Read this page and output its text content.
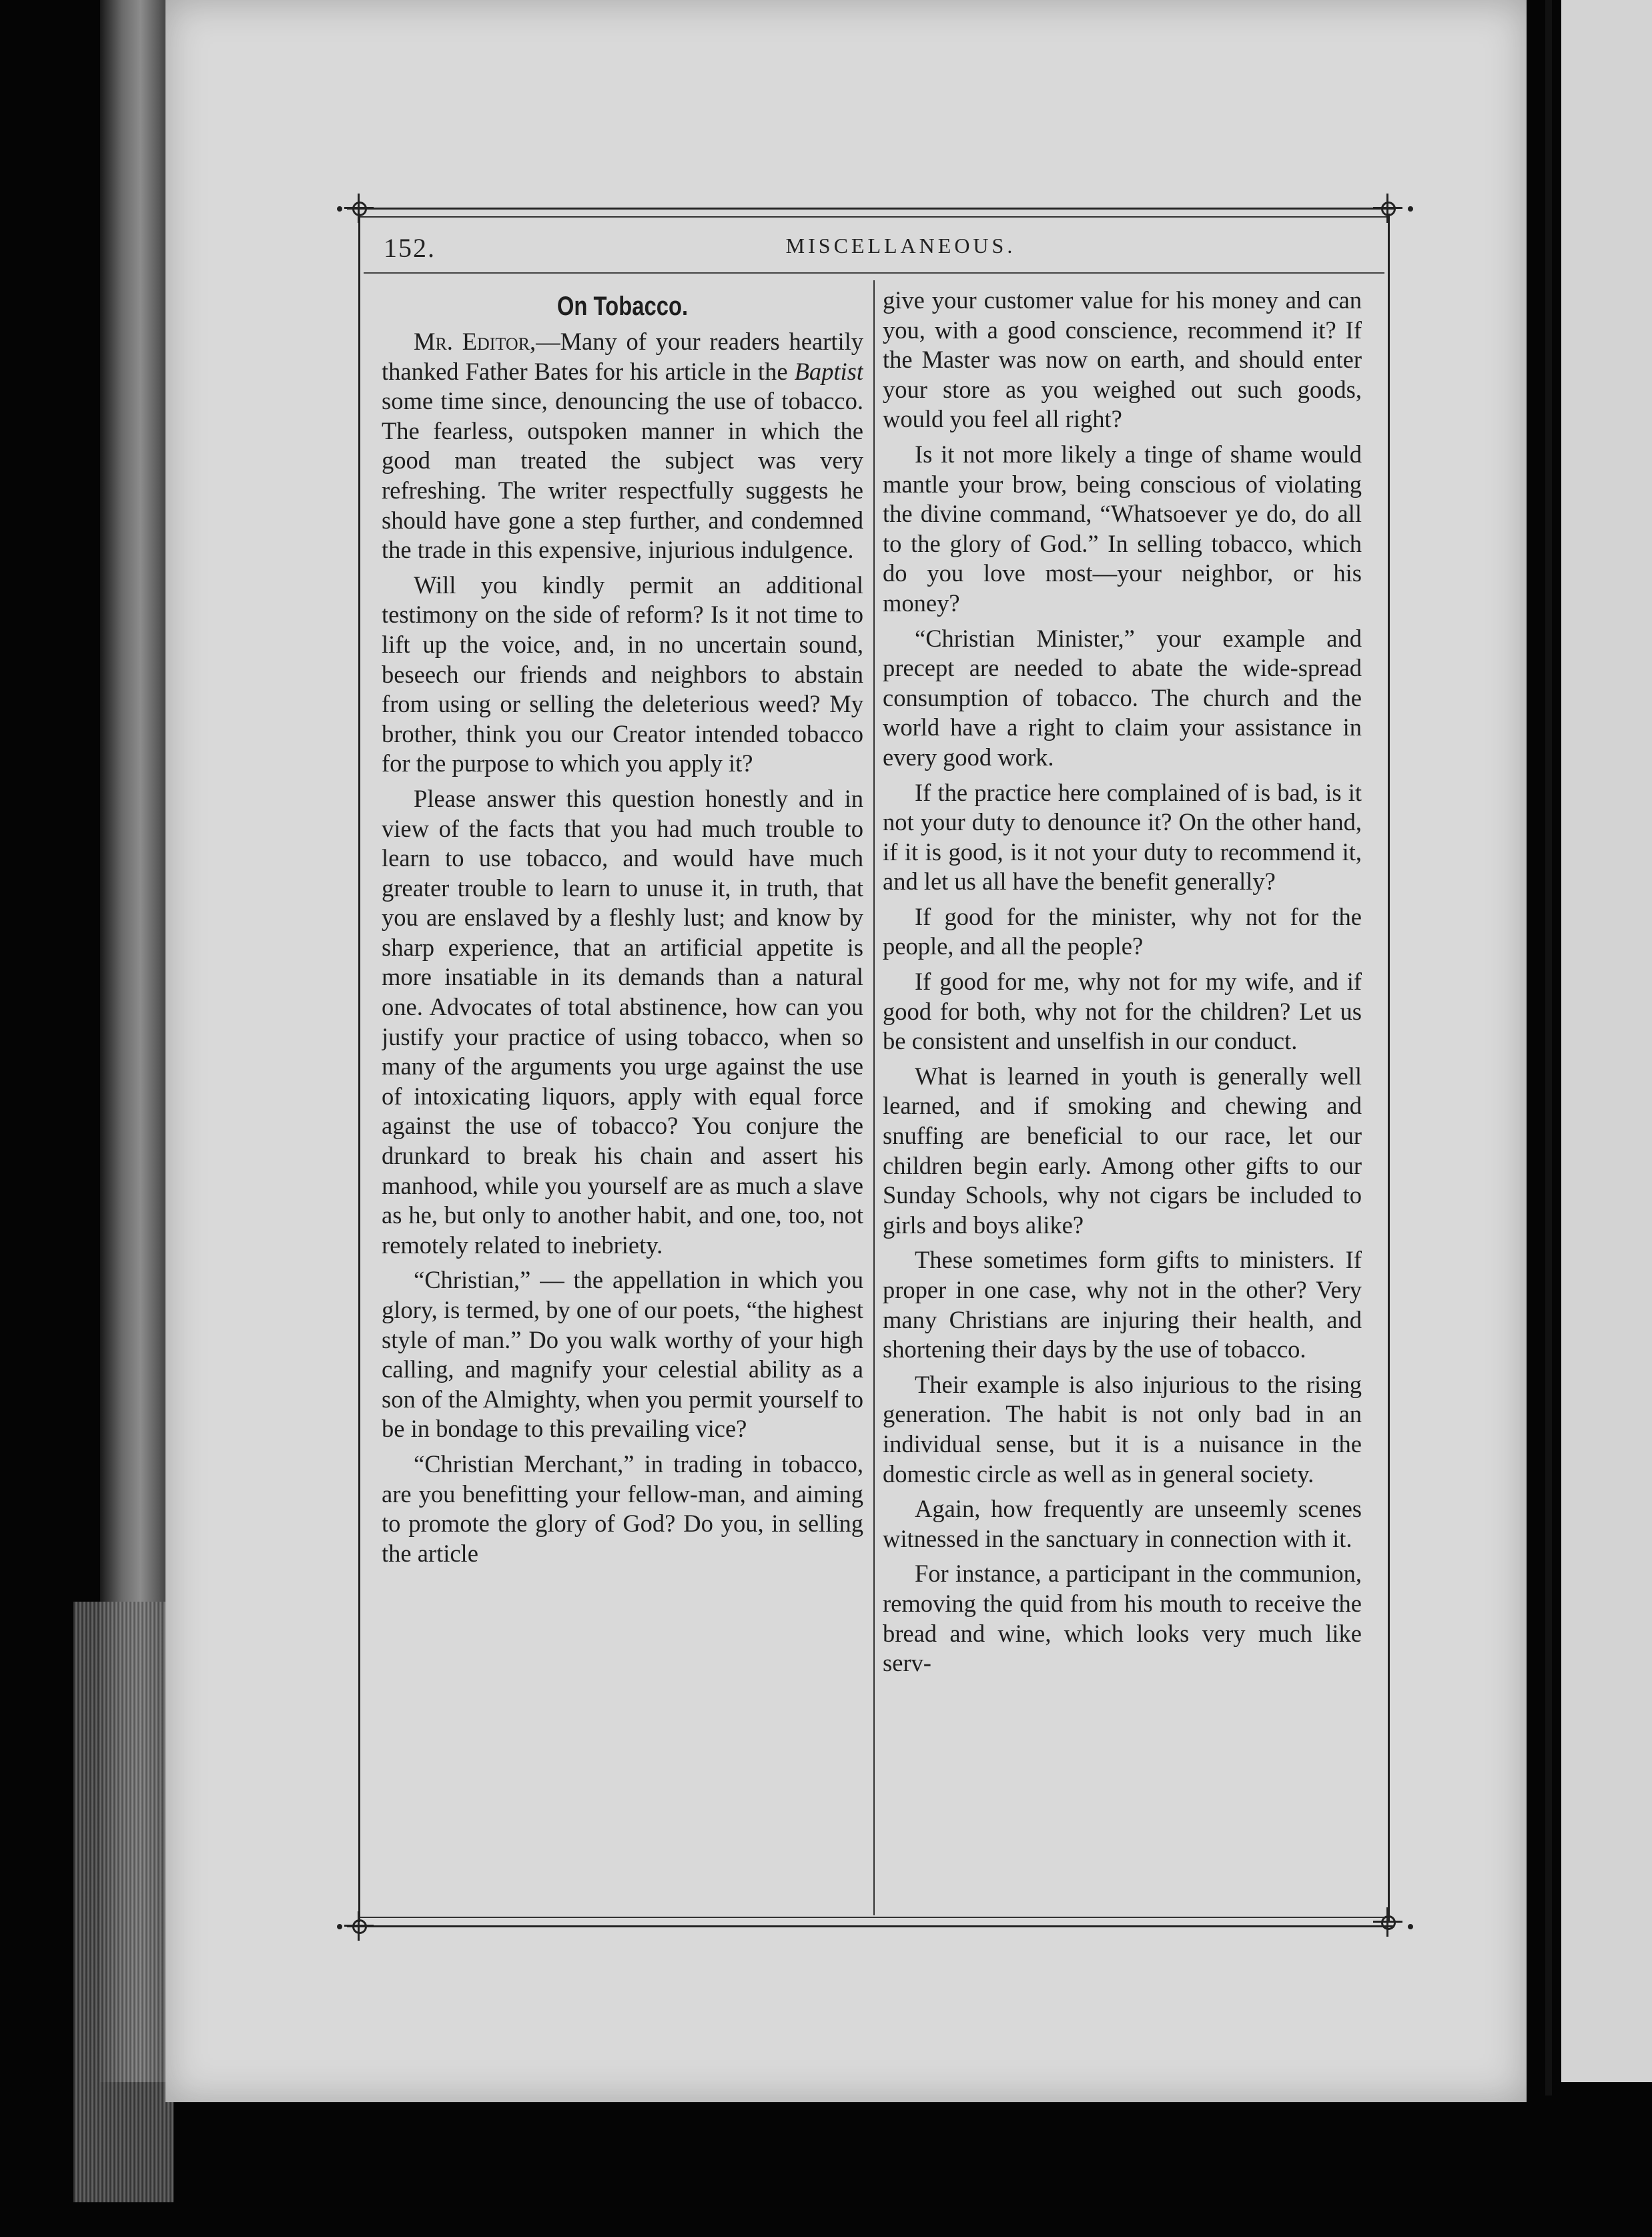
152.	MISCELLANEOUS.
On Tobacco.

Mr. Editor,—Many of your readers heartily thanked Father Bates for his article in the Baptist some time since, denouncing the use of tobacco. The fearless, outspoken manner in which the good man treated the subject was very refreshing. The writer respectfully suggests he should have gone a step further, and condemned the trade in this expensive, injurious indulgence.

Will you kindly permit an additional testimony on the side of reform? Is it not time to lift up the voice, and, in no uncertain sound, beseech our friends and neighbors to abstain from using or selling the deleterious weed? My brother, think you our Creator intended tobacco for the purpose to which you apply it?

Please answer this question honestly and in view of the facts that you had much trouble to learn to use tobacco, and would have much greater trouble to learn to unuse it, in truth, that you are enslaved by a fleshly lust; and know by sharp experience, that an artificial appetite is more insatiable in its demands than a natural one. Advocates of total abstinence, how can you justify your practice of using tobacco, when so many of the arguments you urge against the use of intoxicating liquors, apply with equal force against the use of tobacco? You conjure the drunkard to break his chain and assert his manhood, while you yourself are as much a slave as he, but only to another habit, and one, too, not remotely related to inebriety.

“Christian,” — the appellation in which you glory, is termed, by one of our poets, “the highest style of man.” Do you walk worthy of your high calling, and magnify your celestial ability as a son of the Almighty, when you permit yourself to be in bondage to this prevailing vice?

“Christian Merchant,” in trading in tobacco, are you benefitting your fellow-man, and aiming to promote the glory of God? Do you, in selling the article

give your customer value for his money and can you, with a good conscience, recommend it? If the Master was now on earth, and should enter your store as you weighed out such goods, would you feel all right?

Is it not more likely a tinge of shame would mantle your brow, being conscious of violating the divine command, “Whatsoever ye do, do all to the glory of God.” In selling tobacco, which do you love most—your neighbor, or his money?

“Christian Minister,” your example and precept are needed to abate the wide-spread consumption of tobacco. The church and the world have a right to claim your assistance in every good work.

If the practice here complained of is bad, is it not your duty to denounce it? On the other hand, if it is good, is it not your duty to recommend it, and let us all have the benefit generally?

If good for the minister, why not for the people, and all the people?

If good for me, why not for my wife, and if good for both, why not for the children? Let us be consistent and unselfish in our conduct.

What is learned in youth is generally well learned, and if smoking and chewing and snuffing are beneficial to our race, let our children begin early. Among other gifts to our Sunday Schools, why not cigars be included to girls and boys alike?

These sometimes form gifts to ministers. If proper in one case, why not in the other? Very many Christians are injuring their health, and shortening their days by the use of tobacco.

Their example is also injurious to the rising generation. The habit is not only bad in an individual sense, but it is a nuisance in the domestic circle as well as in general society.

Again, how frequently are unseemly scenes witnessed in the sanctuary in connection with it.

For instance, a participant in the communion, removing the quid from his mouth to receive the bread and wine, which looks very much like serv-
